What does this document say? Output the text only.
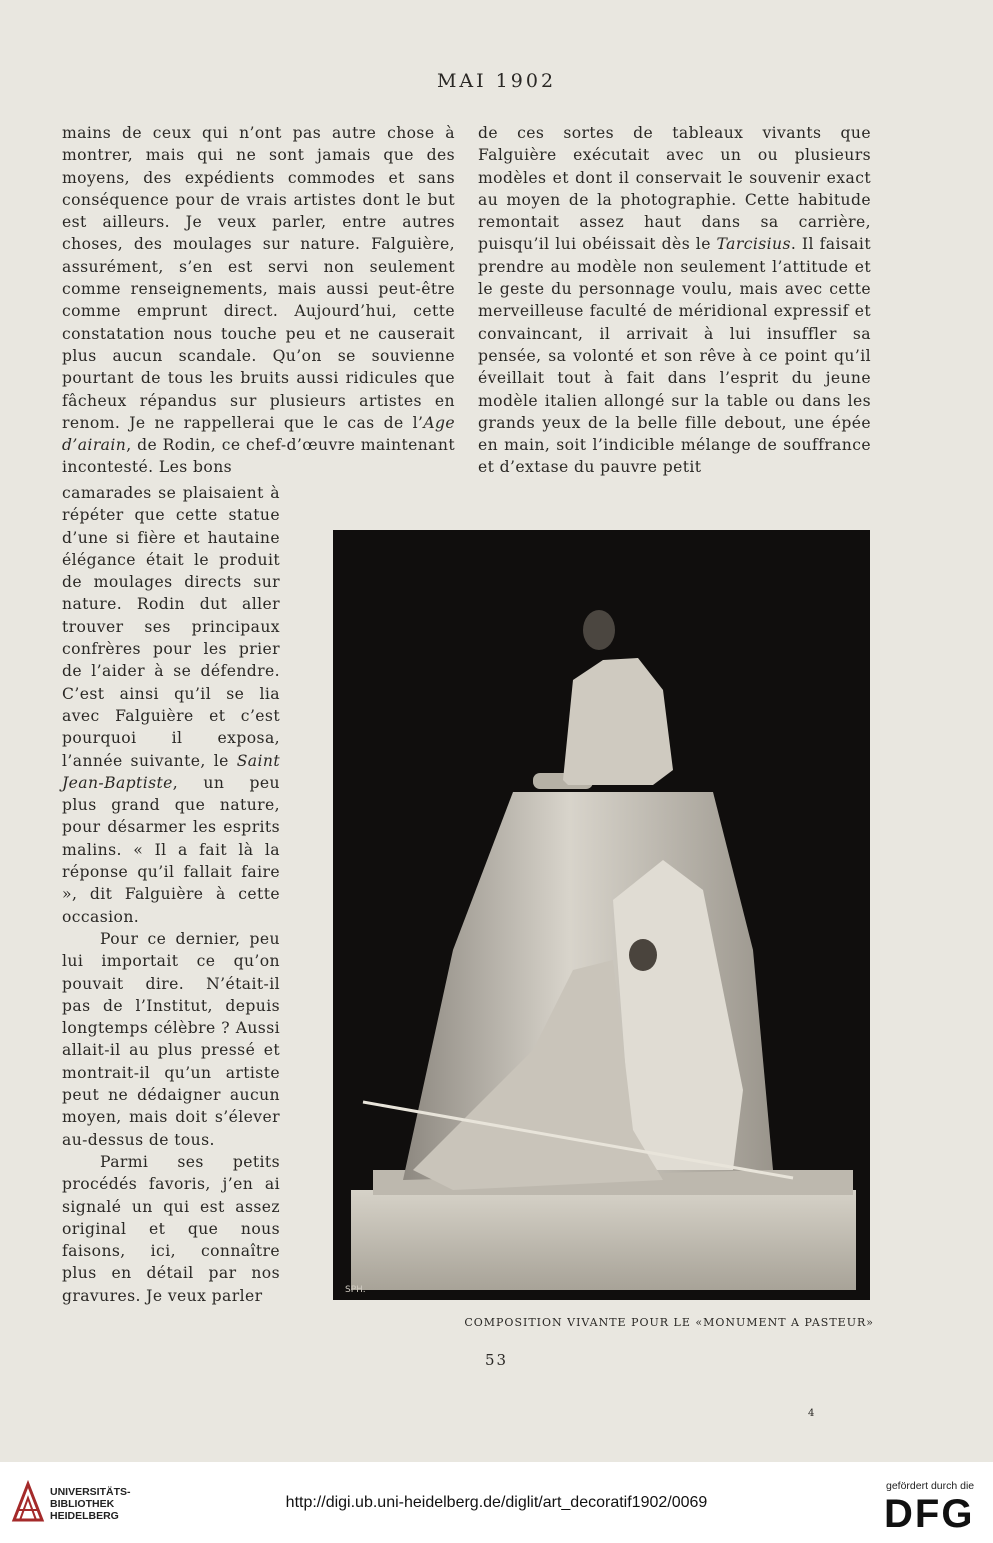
MAI 1902

mains de ceux qui n’ont pas autre chose à montrer, mais qui ne sont jamais que des moyens, des expédients commodes et sans conséquence pour de vrais artistes dont le but est ailleurs. Je veux parler, entre autres choses, des moulages sur nature. Falguière, assurément, s’en est servi non seulement comme renseignements, mais aussi peut-être comme emprunt direct. Aujourd’hui, cette constatation nous touche peu et ne causerait plus aucun scandale. Qu’on se souvienne pourtant de tous les bruits aussi ridicules que fâcheux répandus sur plusieurs artistes en renom. Je ne rappellerai que le cas de l’Age d’airain, de Rodin, ce chef-d’œuvre maintenant incontesté. Les bons

camarades se plaisaient à répéter que cette statue d’une si fière et hautaine élégance était le produit de moulages directs sur nature. Rodin dut aller trouver ses principaux confrères pour les prier de l’aider à se défendre. C’est ainsi qu’il se lia avec Falguière et c’est pourquoi il exposa, l’année suivante, le Saint Jean-Baptiste, un peu plus grand que nature, pour désarmer les esprits malins. « Il a fait là la réponse qu’il fallait faire », dit Falguière à cette occasion.

Pour ce dernier, peu lui importait ce qu’on pouvait dire. N’était-il pas de l’Institut, depuis longtemps célèbre ? Aussi allait-il au plus pressé et montrait-il qu’un artiste peut ne dédaigner aucun moyen, mais doit s’élever au-dessus de tous.

Parmi ses petits procédés favoris, j’en ai signalé un qui est assez original et que nous faisons, ici, connaître plus en détail par nos gravures. Je veux parler

de ces sortes de tableaux vivants que Falguière exécutait avec un ou plusieurs modèles et dont il conservait le souvenir exact au moyen de la photographie. Cette habitude remontait assez haut dans sa carrière, puisqu’il lui obéissait dès le Tarcisius. Il faisait prendre au modèle non seulement l’attitude et le geste du personnage voulu, mais avec cette merveilleuse faculté de méridional expressif et convaincant, il arrivait à lui insuffler sa pensée, sa volonté et son rêve à ce point qu’il éveillait tout à fait dans l’esprit du jeune modèle italien allongé sur la table ou dans les grands yeux de la belle fille debout, une épée en main, soit l’indicible mélange de souffrance et d’extase du pauvre petit

SPH.
COMPOSITION VIVANTE POUR LE «MONUMENT A PASTEUR»
53
4
UNIVERSITÄTS-
BIBLIOTHEK
HEIDELBERG
http://digi.ub.uni-heidelberg.de/diglit/art_decoratif1902/0069
gefördert durch die
DFG
